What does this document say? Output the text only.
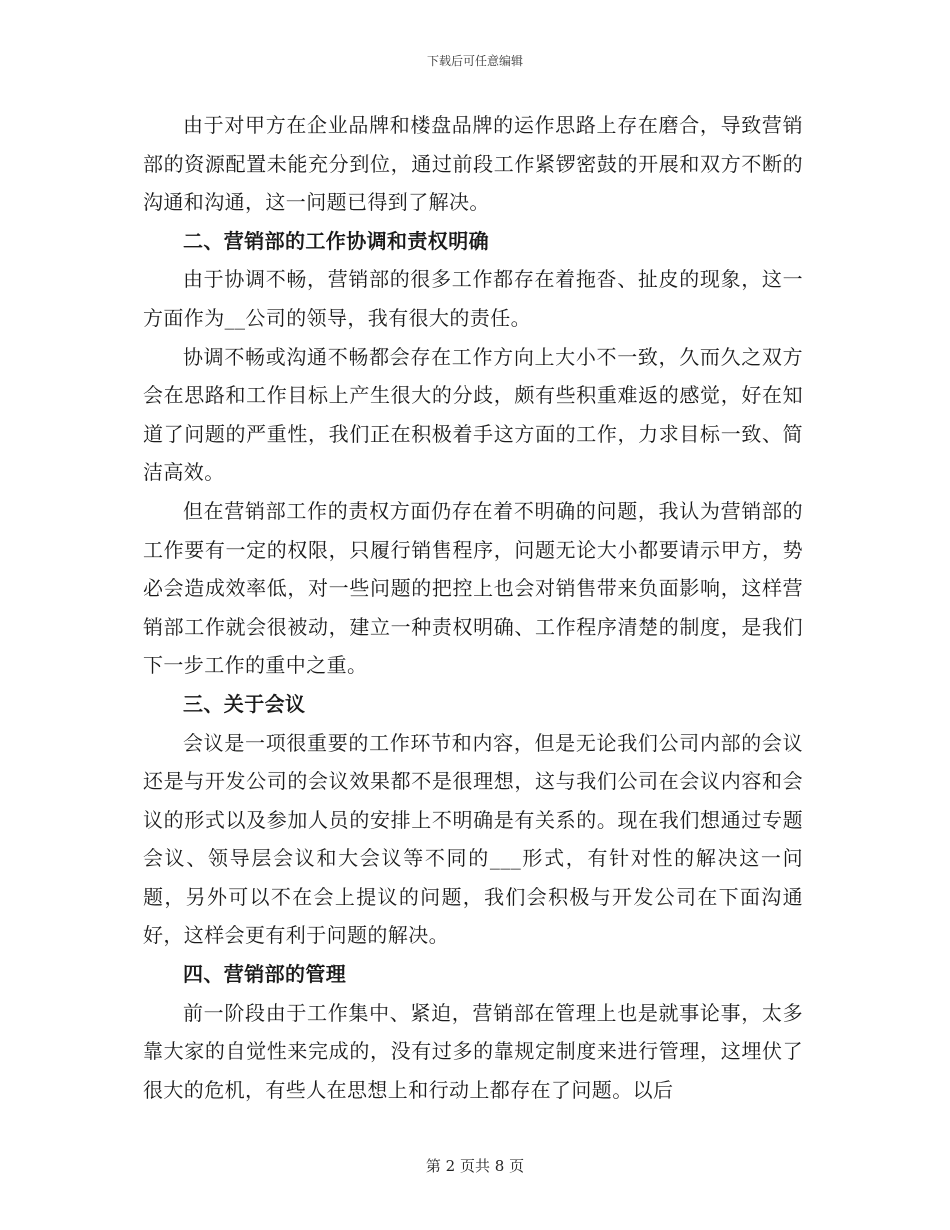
下载后可任意编辑

由于对甲方在企业品牌和楼盘品牌的运作思路上存在磨合，导致营销部的资源配置未能充分到位，通过前段工作紧锣密鼓的开展和双方不断的沟通和沟通，这一问题已得到了解决。

二、营销部的工作协调和责权明确

由于协调不畅，营销部的很多工作都存在着拖沓、扯皮的现象，这一方面作为__公司的领导，我有很大的责任。

协调不畅或沟通不畅都会存在工作方向上大小不一致，久而久之双方会在思路和工作目标上产生很大的分歧，颇有些积重难返的感觉，好在知道了问题的严重性，我们正在积极着手这方面的工作，力求目标一致、简洁高效。

但在营销部工作的责权方面仍存在着不明确的问题，我认为营销部的工作要有一定的权限，只履行销售程序，问题无论大小都要请示甲方，势必会造成效率低，对一些问题的把控上也会对销售带来负面影响，这样营销部工作就会很被动，建立一种责权明确、工作程序清楚的制度，是我们下一步工作的重中之重。

三、关于会议

会议是一项很重要的工作环节和内容，但是无论我们公司内部的会议还是与开发公司的会议效果都不是很理想，这与我们公司在会议内容和会议的形式以及参加人员的安排上不明确是有关系的。现在我们想通过专题会议、领导层会议和大会议等不同的___形式，有针对性的解决这一问题，另外可以不在会上提议的问题，我们会积极与开发公司在下面沟通好，这样会更有利于问题的解决。

四、营销部的管理

前一阶段由于工作集中、紧迫，营销部在管理上也是就事论事，太多靠大家的自觉性来完成的，没有过多的靠规定制度来进行管理，这埋伏了很大的危机，有些人在思想上和行动上都存在了问题。以后

第 2 页共 8 页
